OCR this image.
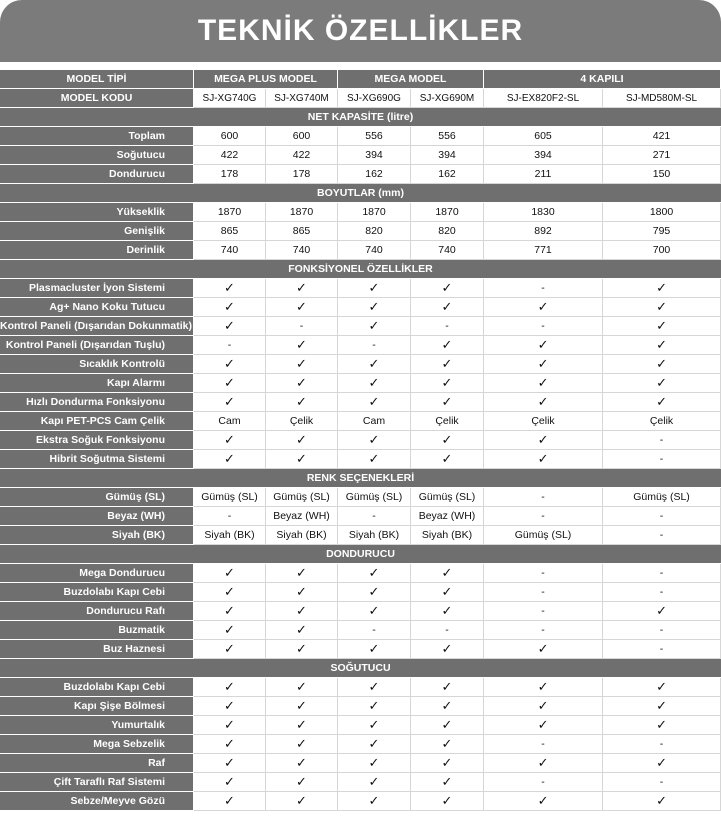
TEKNİK ÖZELLİKLER
MODEL TİPİ	MEGA PLUS MODEL		MEGA MODEL		4 KAPILI	
MODEL KODU	SJ-XG740G	SJ-XG740M	SJ-XG690G	SJ-XG690M	SJ-EX820F2-SL	SJ-MD580M-SL
NET KAPASİTE (litre)						
Toplam	600	600	556	556	605	421
Soğutucu	422	422	394	394	394	271
Dondurucu	178	178	162	162	211	150
BOYUTLAR (mm)						
Yükseklik	1870	1870	1870	1870	1830	1800
Genişlik	865	865	820	820	892	795
Derinlik	740	740	740	740	771	700
FONKSİYONEL ÖZELLİKLER						
Plasmacluster İyon Sistemi	✓	✓	✓	✓	-	✓
Ag+ Nano Koku Tutucu	✓	✓	✓	✓	✓	✓
Kontrol Paneli (Dışarıdan Dokunmatik)	✓	-	✓	-	-	✓
Kontrol Paneli (Dışarıdan Tuşlu)	-	✓	-	✓	✓	✓
Sıcaklık Kontrolü	✓	✓	✓	✓	✓	✓
Kapı Alarmı	✓	✓	✓	✓	✓	✓
Hızlı Dondurma Fonksiyonu	✓	✓	✓	✓	✓	✓
Kapı PET-PCS Cam Çelik	Cam	Çelik	Cam	Çelik	Çelik	Çelik
Ekstra Soğuk Fonksiyonu	✓	✓	✓	✓	✓	-
Hibrit Soğutma Sistemi	✓	✓	✓	✓	✓	-
RENK SEÇENEKLERİ						
Gümüş (SL)	Gümüş (SL)	Gümüş (SL)	Gümüş (SL)	Gümüş (SL)	-	Gümüş (SL)
Beyaz (WH)	-	Beyaz (WH)	-	Beyaz (WH)	-	-
Siyah (BK)	Siyah (BK)	Siyah (BK)	Siyah (BK)	Siyah (BK)	Gümüş (SL)	-
DONDURUCU						
Mega Dondurucu	✓	✓	✓	✓	-	-
Buzdolabı Kapı Cebi	✓	✓	✓	✓	-	-
Dondurucu Rafı	✓	✓	✓	✓	-	✓
Buzmatik	✓	✓	-	-	-	-
Buz Haznesi	✓	✓	✓	✓	✓	-
SOĞUTUCU						
Buzdolabı Kapı Cebi	✓	✓	✓	✓	✓	✓
Kapı Şişe Bölmesi	✓	✓	✓	✓	✓	✓
Yumurtalık	✓	✓	✓	✓	✓	✓
Mega Sebzelik	✓	✓	✓	✓	-	-
Raf	✓	✓	✓	✓	✓	✓
Çift Taraflı Raf Sistemi	✓	✓	✓	✓	-	-
Sebze/Meyve Gözü	✓	✓	✓	✓	✓	✓
